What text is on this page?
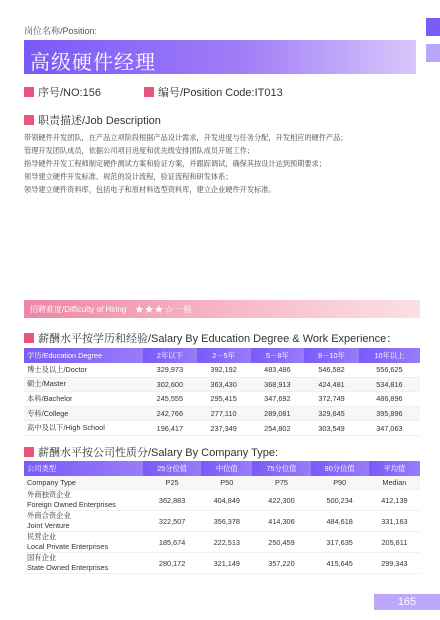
岗位名称/Position:
高级硬件经理
序号/NO:156	编号/Position Code:IT013
职责描述/Job Description
带领硬件开发团队，在产品立项阶段根据产品设计需求，开发进度与任务分配，开发相应的硬件产品；
管理开发团队成员，依据公司项目进度和优先级安排团队成员开展工作；
指导硬件开发工程师制定硬件测试方案和验证方案，并跟踪调试，确保其按设计达到预期要求；
领导建立硬件开发标准、规范的设计流程，验证流程和研发体系；
领导建立硬件资料库，包括电子和原材料选型资料库，建立企业硬件开发标准。
招聘难度/Difficulty of Hiring ★★★☆ 一般
薪酬水平按学历和经验/Salary By Education Degree & Work Experience：
学历/Education Degree	2年以下	2－5年	5－8年	8－10年	10年以上
博士及以上/Doctor	329,973	392,192	483,486	546,582	556,625
硕士/Master	302,600	363,430	368,913	424,481	534,816
本科/Bachelor	245,555	295,415	347,692	372,749	486,896
专科/College	242,766	277,110	289,081	329,645	395,896
高中及以下/High School	196,417	237,349	254,802	303,549	347,063
薪酬水平按公司性质分/Salary By Company Type:
公司类型	25分位值	中位值	75分位值	90分位值	平均值
Company Type	P25	P50	P75	P90	Median

外商独资企业
Foreign Owned Enterprises	362,883	404,849	422,300	500,234	412,139

外商合资企业
Joint Venture	322,507	356,378	414,306	484,618	331,163

民营企业
Local Private Enterprises	185,674	222,513	250,459	317,635	205,611

国有企业
State Owned Enterprises	280,172	321,149	357,220	415,645	299,343
165
